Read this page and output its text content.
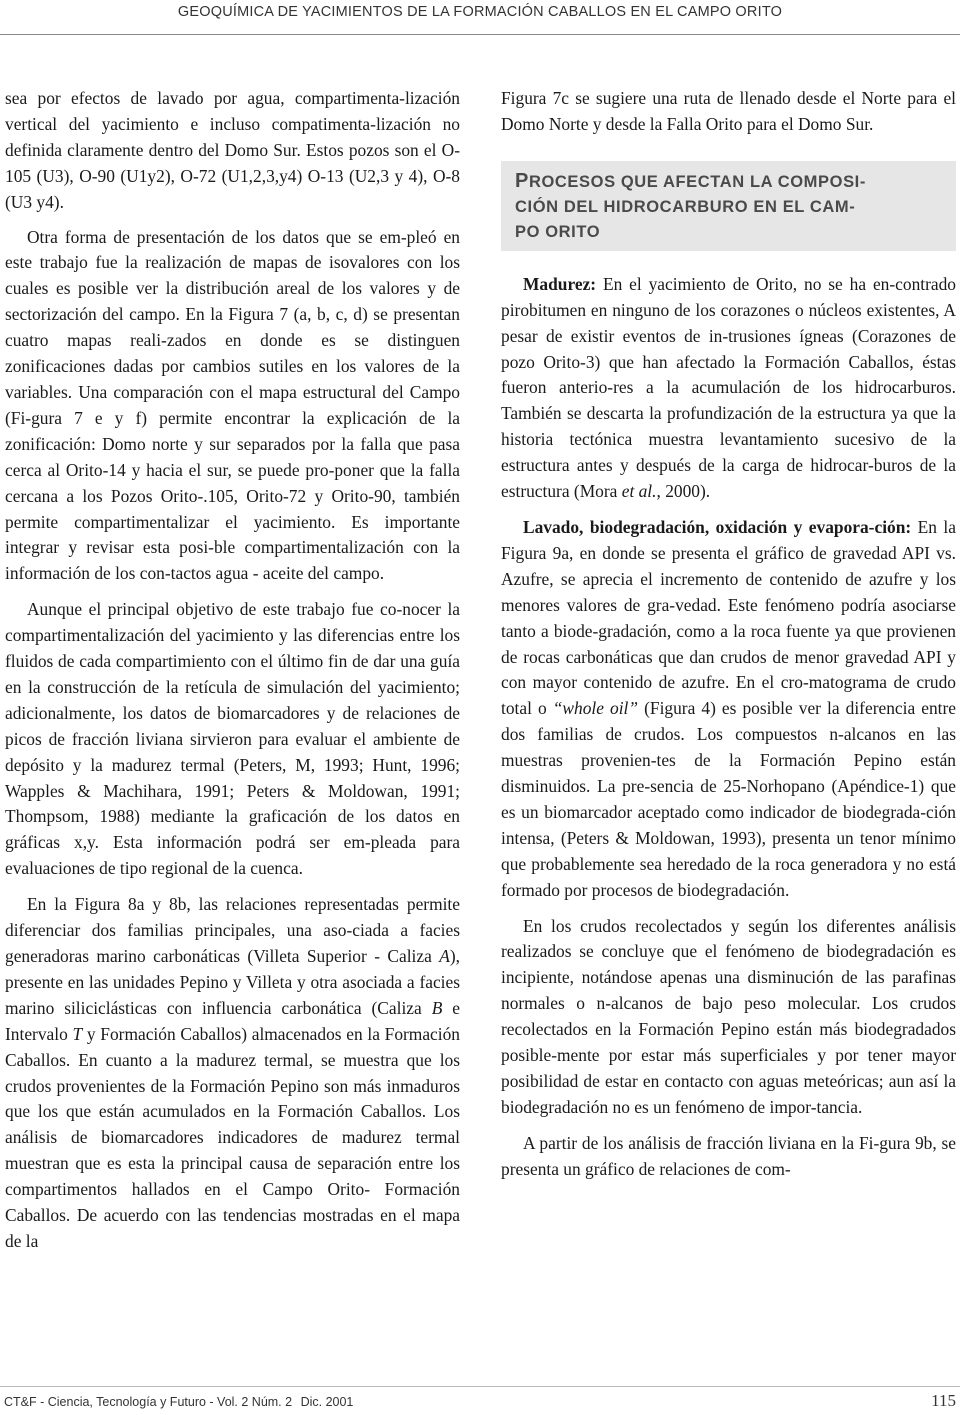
GEOQUÍMICA DE YACIMIENTOS DE LA FORMACIÓN CABALLOS EN EL CAMPO ORITO

sea por efectos de lavado por agua, compartimenta-lización vertical del yacimiento e incluso compatimenta-lización no definida claramente dentro del Domo Sur. Estos pozos son el O-105 (U3), O-90 (U1y2), O-72 (U1,2,3,y4) O-13 (U2,3 y 4), O-8 (U3 y4).

Otra forma de presentación de los datos que se em-pleó en este trabajo fue la realización de mapas de isovalores con los cuales es posible ver la distribución areal de los valores y de sectorización del campo. En la Figura 7 (a, b, c, d) se presentan cuatro mapas reali-zados en donde es se distinguen zonificaciones dadas por cambios sutiles en los valores de la variables. Una comparación con el mapa estructural del Campo (Fi-gura 7 e y f) permite encontrar la explicación de la zonificación: Domo norte y sur separados por la falla que pasa cerca al Orito-14 y hacia el sur, se puede pro-poner que la falla cercana a los Pozos Orito-.105, Orito-72 y Orito-90, también permite compartimentalizar el yacimiento. Es importante integrar y revisar esta posi-ble compartimentalización con la información de los con-tactos agua - aceite del campo.

Aunque el principal objetivo de este trabajo fue co-nocer la compartimentalización del yacimiento y las diferencias entre los fluidos de cada compartimiento con el último fin de dar una guía en la construcción de la retícula de simulación del yacimiento; adicionalmente, los datos de biomarcadores y de relaciones de picos de fracción liviana sirvieron para evaluar el ambiente de depósito y la madurez termal (Peters, M, 1993; Hunt, 1996; Wapples & Machihara, 1991; Peters & Moldowan, 1991; Thompsom, 1988) mediante la graficación de los datos en gráficas x,y. Esta información podrá ser em-pleada para evaluaciones de tipo regional de la cuenca.

En la Figura 8a y 8b, las relaciones representadas permite diferenciar dos familias principales, una aso-ciada a facies generadoras marino carbonáticas (Villeta Superior - Caliza A), presente en las unidades Pepino y Villeta y otra asociada a facies marino siliciclásticas con influencia carbonática (Caliza B e Intervalo T y Formación Caballos) almacenados en la Formación Caballos. En cuanto a la madurez termal, se muestra que los crudos provenientes de la Formación Pepino son más inmaduros que los que están acumulados en la Formación Caballos. Los análisis de biomarcadores indicadores de madurez termal muestran que es esta la principal causa de separación entre los compartimentos hallados en el Campo Orito- Formación Caballos. De acuerdo con las tendencias mostradas en el mapa de la

Figura 7c se sugiere una ruta de llenado desde el Norte para el Domo Norte y desde la Falla Orito para el Domo Sur.

PROCESOS QUE AFECTAN LA COMPOSI-
CIÓN DEL HIDROCARBURO EN EL CAM-
PO ORITO

Madurez: En el yacimiento de Orito, no se ha en-contrado pirobitumen en ninguno de los corazones o núcleos existentes, A pesar de existir eventos de in-trusiones ígneas (Corazones de pozo Orito-3) que han afectado la Formación Caballos, éstas fueron anterio-res a la acumulación de los hidrocarburos. También se descarta la profundización de la estructura ya que la historia tectónica muestra levantamiento sucesivo de la estructura antes y después de la carga de hidrocar-buros de la estructura (Mora et al., 2000).

Lavado, biodegradación, oxidación y evapora-ción: En la Figura 9a, en donde se presenta el gráfico de gravedad API vs. Azufre, se aprecia el incremento de contenido de azufre y los menores valores de gra-vedad. Este fenómeno podría asociarse tanto a biode-gradación, como a la roca fuente ya que provienen de rocas carbonáticas que dan crudos de menor gravedad API y con mayor contenido de azufre. En el cro-matograma de crudo total o “whole oil” (Figura 4) es posible ver la diferencia entre dos familias de crudos. Los compuestos n-alcanos en las muestras provenien-tes de la Formación Pepino están disminuidos. La pre-sencia de 25-Norhopano (Apéndice-1) que es un biomarcador aceptado como indicador de biodegrada-ción intensa, (Peters & Moldowan, 1993), presenta un tenor mínimo que probablemente sea heredado de la roca generadora y no está formado por procesos de biodegradación.

En los crudos recolectados y según los diferentes análisis realizados se concluye que el fenómeno de biodegradación es incipiente, notándose apenas una disminución de las parafinas normales o n-alcanos de bajo peso molecular. Los crudos recolectados en la Formación Pepino están más biodegradados posible-mente por estar más superficiales y por tener mayor posibilidad de estar en contacto con aguas meteóricas; aun así la biodegradación no es un fenómeno de impor-tancia.

A partir de los análisis de fracción liviana en la Fi-gura 9b, se presenta un gráfico de relaciones de com-

CT&F - Ciencia, Tecnología y Futuro - Vol. 2 Núm. 2 Dic. 2001	115
